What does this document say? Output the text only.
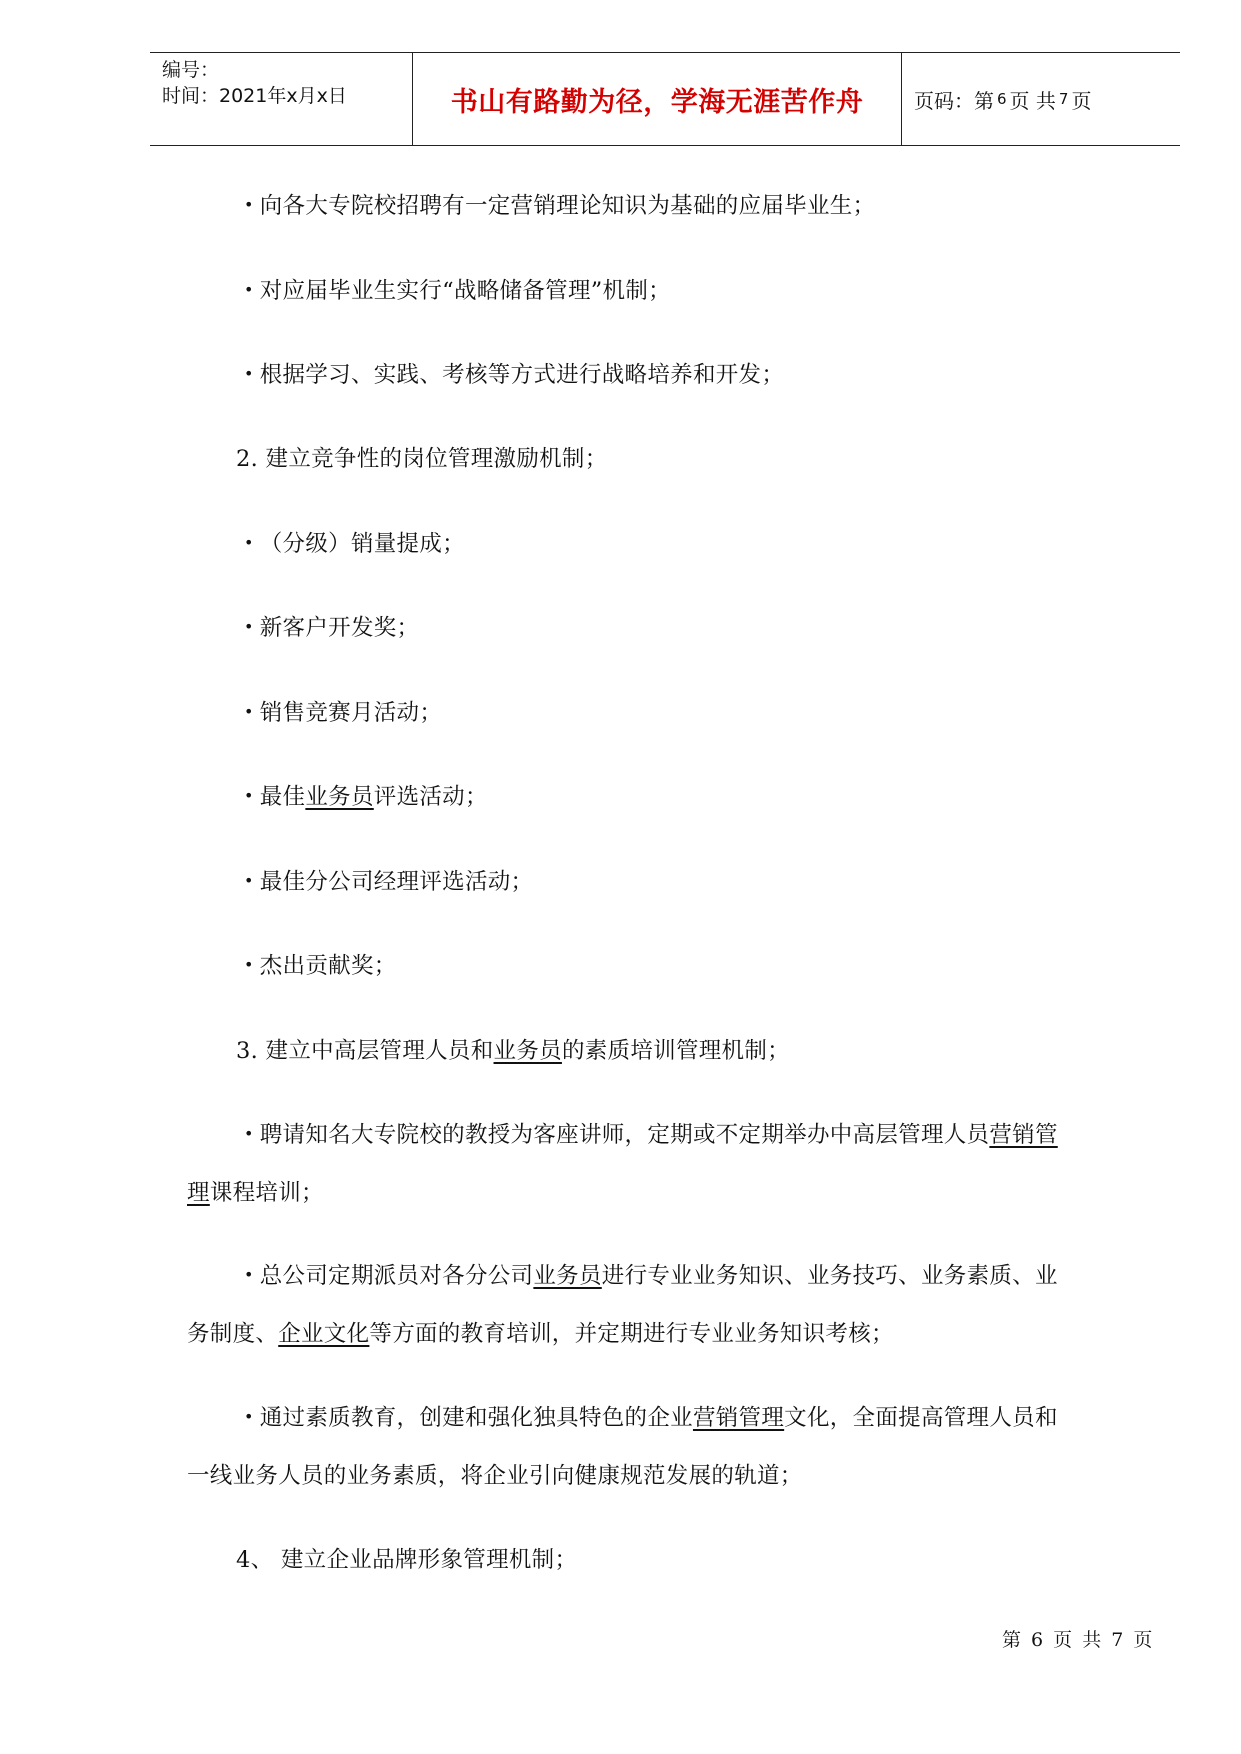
编号：
时间：2021年x月x日	书山有路勤为径，学海无涯苦作舟	页码：第 6 页 共 7 页
• 向各大专院校招聘有一定营销理论知识为基础的应届毕业生；
• 对应届毕业生实行“战略储备管理”机制；
• 根据学习、实践、考核等方式进行战略培养和开发；
2. 建立竞争性的岗位管理激励机制；
• （分级）销量提成；
• 新客户开发奖；
• 销售竞赛月活动；
• 最佳业务员评选活动；
• 最佳分公司经理评选活动；
• 杰出贡献奖；
3. 建立中高层管理人员和业务员的素质培训管理机制；
• 聘请知名大专院校的教授为客座讲师，定期或不定期举办中高层管理人员营销管
理课程培训；
• 总公司定期派员对各分公司业务员进行专业业务知识、业务技巧、业务素质、业
务制度、企业文化等方面的教育培训，并定期进行专业业务知识考核；
• 通过素质教育，创建和强化独具特色的企业营销管理文化，全面提高管理人员和
一线业务人员的业务素质，将企业引向健康规范发展的轨道；
4、 建立企业品牌形象管理机制；
第 6 页 共 7 页
